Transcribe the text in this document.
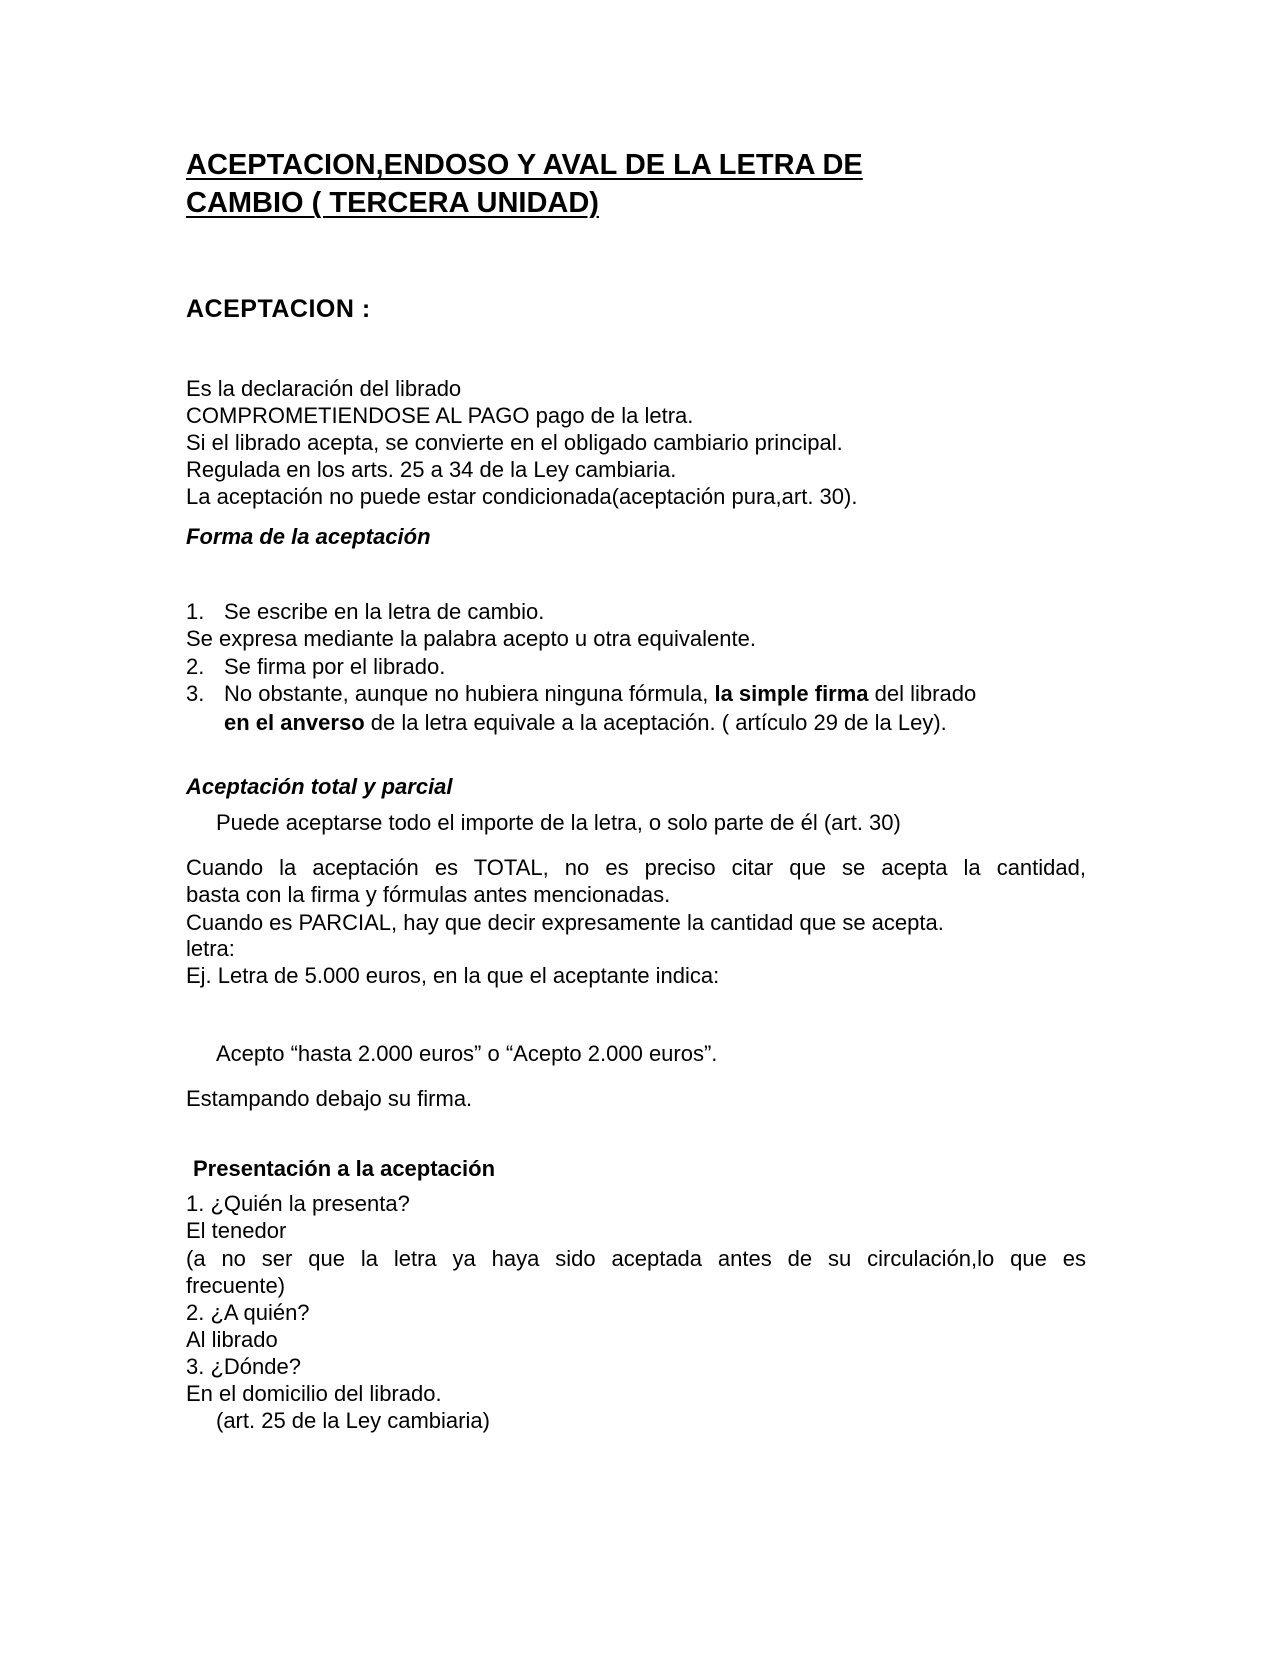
ACEPTACION,ENDOSO Y AVAL DE LA LETRA DE
CAMBIO ( TERCERA UNIDAD)
ACEPTACION :
Es la declaración del librado
COMPROMETIENDOSE AL PAGO pago de la letra.
Si el librado acepta, se convierte en el obligado cambiario principal.
Regulada en los arts. 25 a 34 de la Ley cambiaria.
La aceptación no puede estar condicionada(aceptación pura,art. 30).
Forma de la aceptación
1. Se escribe en la letra de cambio.
Se expresa mediante la palabra acepto u otra equivalente.
2. Se firma por el librado.
3. No obstante, aunque no hubiera ninguna fórmula, la simple firma del librado
en el anverso de la letra equivale a la aceptación. ( artículo 29 de la Ley).
Aceptación total y parcial
Puede aceptarse todo el importe de la letra, o solo parte de él (art. 30)
Cuando la aceptación es TOTAL, no es preciso citar que se acepta la cantidad,
basta con la firma y fórmulas antes mencionadas.
Cuando es PARCIAL, hay que decir expresamente la cantidad que se acepta.
letra:
Ej. Letra de 5.000 euros, en la que el aceptante indica:
Acepto “hasta 2.000 euros” o “Acepto 2.000 euros”.
Estampando debajo su firma.
Presentación a la aceptación
1. ¿Quién la presenta?
El tenedor
(a no ser que la letra ya haya sido aceptada antes de su circulación,lo que es
frecuente)
2. ¿A quién?
Al librado
3. ¿Dónde?
En el domicilio del librado.
(art. 25 de la Ley cambiaria)
